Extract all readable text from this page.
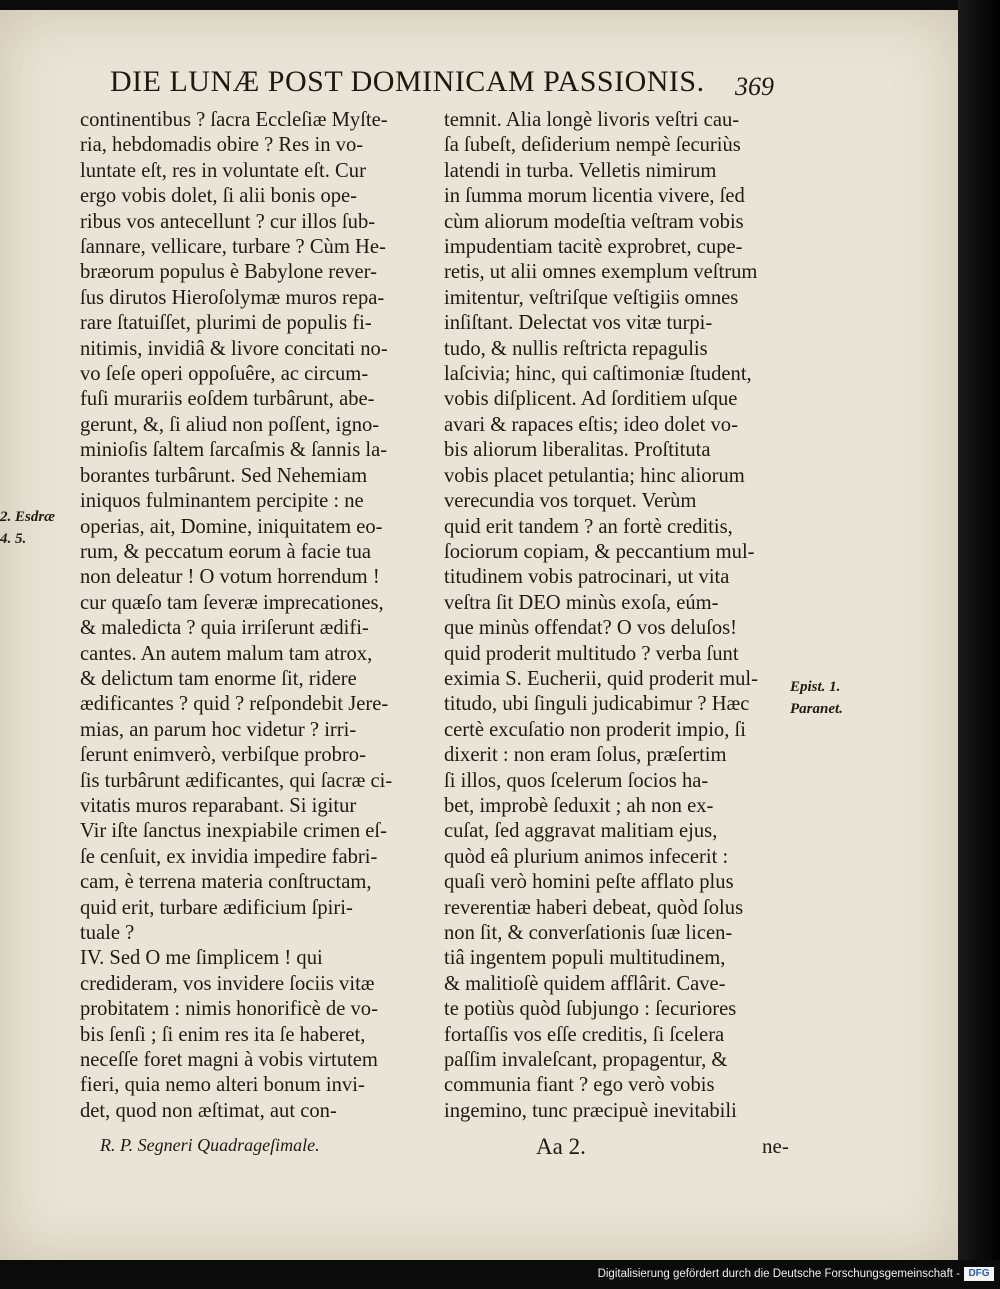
DIE LUNÆ POST DOMINICAM PASSIONIS.	369
continentibus ? ſacra Eccleſiæ Myſte-
ria, hebdomadis obire ? Res in vo-
luntate eſt, res in voluntate eſt. Cur
ergo vobis dolet, ſi alii bonis ope-
ribus vos antecellunt ? cur illos ſub-
ſannare, vellicare, turbare ? Cùm He-
bræorum populus è Babylone rever-
ſus dirutos Hieroſolymæ muros repa-
rare ſtatuiſſet, plurimi de populis fi-
nitimis, invidiâ & livore concitati no-
vo ſeſe operi oppoſuêre, ac circum-
fuſi murariis eoſdem turbârunt, abe-
gerunt, &, ſi aliud non poſſent, igno-
minioſis ſaltem ſarcaſmis & ſannis la-
borantes turbârunt. Sed Nehemiam
iniquos fulminantem percipite : ne
operias, ait, Domine, iniquitatem eo-
rum, & peccatum eorum à facie tua
non deleatur ! O votum horrendum !
cur quæſo tam ſeveræ imprecationes,
& maledicta ? quia irriſerunt ædifi-
cantes. An autem malum tam atrox,
& delictum tam enorme ſit, ridere
ædificantes ? quid ? reſpondebit Jere-
mias, an parum hoc videtur ? irri-
ſerunt enimverò, verbiſque probro-
ſis turbârunt ædificantes, qui ſacræ ci-
vitatis muros reparabant. Si igitur
Vir iſte ſanctus inexpiabile crimen eſ-
ſe cenſuit, ex invidia impedire fabri-
cam, è terrena materia conſtructam,
quid erit, turbare ædificium ſpiri-
tuale ?
IV. Sed O me ſimplicem ! qui
credideram, vos invidere ſociis vitæ
probitatem : nimis honorificè de vo-
bis ſenſi ; ſi enim res ita ſe haberet,
neceſſe foret magni à vobis virtutem
fieri, quia nemo alteri bonum invi-
det, quod non æſtimat, aut con-
temnit. Alia longè livoris veſtri cau-
ſa ſubeſt, deſiderium nempè ſecuriùs
latendi in turba. Velletis nimirum
in ſumma morum licentia vivere, ſed
cùm aliorum modeſtia veſtram vobis
impudentiam tacitè exprobret, cupe-
retis, ut alii omnes exemplum veſtrum
imitentur, veſtriſque veſtigiis omnes
inſiſtant. Delectat vos vitæ turpi-
tudo, & nullis reſtricta repagulis
laſcivia; hinc, qui caſtimoniæ ſtudent,
vobis diſplicent. Ad ſorditiem uſque
avari & rapaces eſtis; ideo dolet vo-
bis aliorum liberalitas. Proſtituta
vobis placet petulantia; hinc aliorum
verecundia vos torquet. Verùm
quid erit tandem ? an fortè creditis,
ſociorum copiam, & peccantium mul-
titudinem vobis patrocinari, ut vita
veſtra ſit DEO minùs exoſa, eúm-
que minùs offendat? O vos deluſos!
quid proderit multitudo ? verba ſunt
eximia S. Eucherii, quid proderit mul-
titudo, ubi ſinguli judicabimur ? Hæc
certè excuſatio non proderit impio, ſi
dixerit : non eram ſolus, præſertim
ſi illos, quos ſcelerum ſocios ha-
bet, improbè ſeduxit ; ah non ex-
cuſat, ſed aggravat malitiam ejus,
quòd eâ plurium animos infecerit :
quaſi verò homini peſte afflato plus
reverentiæ haberi debeat, quòd ſolus
non ſit, & converſationis ſuæ licen-
tiâ ingentem populi multitudinem,
& malitioſè quidem afflârit. Cave-
te potiùs quòd ſubjungo : ſecuriores
fortaſſis vos eſſe creditis, ſi ſcelera
paſſim invaleſcant, propagentur, &
communia fiant ? ego verò vobis
ingemino, tunc præcipuè inevitabili
2. Esdræ
4. 5.
Epist. 1.
Paranet.
R. P. Segneri Quadrageſimale.	Aa 2.	ne-
Digitalisierung gefördert durch die Deutsche Forschungsgemeinschaft - DFG
